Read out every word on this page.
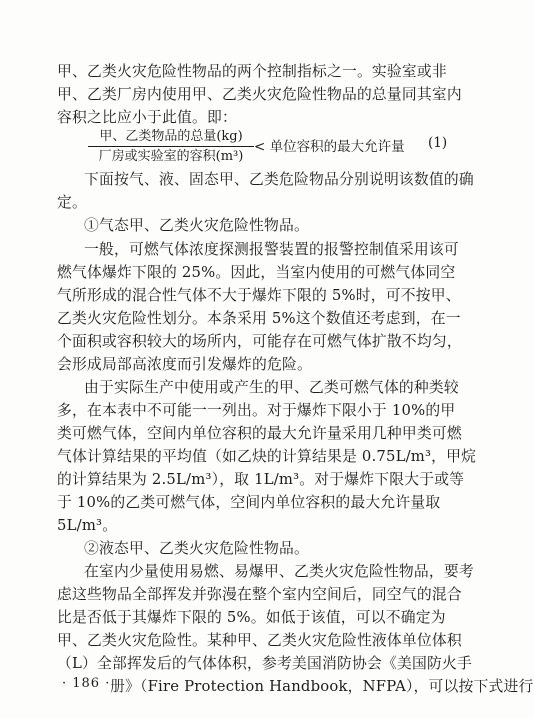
甲、乙类火灾危险性物品的两个控制指标之一。实验室或非
甲、乙类厂房内使用甲、乙类火灾危险性物品的总量同其室内
容积之比应小于此值。即：
甲、乙类物品的总量(kg)
厂房或实验室的容积(m³)
< 单位容积的最大允许量 (1)
下面按气、液、固态甲、乙类危险物品分别说明该数值的确
定。
①气态甲、乙类火灾危险性物品。
一般，可燃气体浓度探测报警装置的报警控制值采用该可
燃气体爆炸下限的 25%。因此，当室内使用的可燃气体同空
气所形成的混合性气体不大于爆炸下限的 5%时，可不按甲、
乙类火灾危险性划分。本条采用 5%这个数值还考虑到，在一
个面积或容积较大的场所内，可能存在可燃气体扩散不均匀，
会形成局部高浓度而引发爆炸的危险。
由于实际生产中使用或产生的甲、乙类可燃气体的种类较
多，在本表中不可能一一列出。对于爆炸下限小于 10%的甲
类可燃气体，空间内单位容积的最大允许量采用几种甲类可燃
气体计算结果的平均值（如乙炔的计算结果是 0.75L/m³，甲烷
的计算结果为 2.5L/m³），取 1L/m³。对于爆炸下限大于或等
于 10%的乙类可燃气体，空间内单位容积的最大允许量取
5L/m³。
②液态甲、乙类火灾危险性物品。
在室内少量使用易燃、易爆甲、乙类火灾危险性物品，要考
虑这些物品全部挥发并弥漫在整个室内空间后，同空气的混合
比是否低于其爆炸下限的 5%。如低于该值，可以不确定为
甲、乙类火灾危险性。某种甲、乙类火灾危险性液体单位体积
（L）全部挥发后的气体体积，参考美国消防协会《美国防火手
册》（Fire Protection Handbook，NFPA），可以按下式进行
· 186 ·
